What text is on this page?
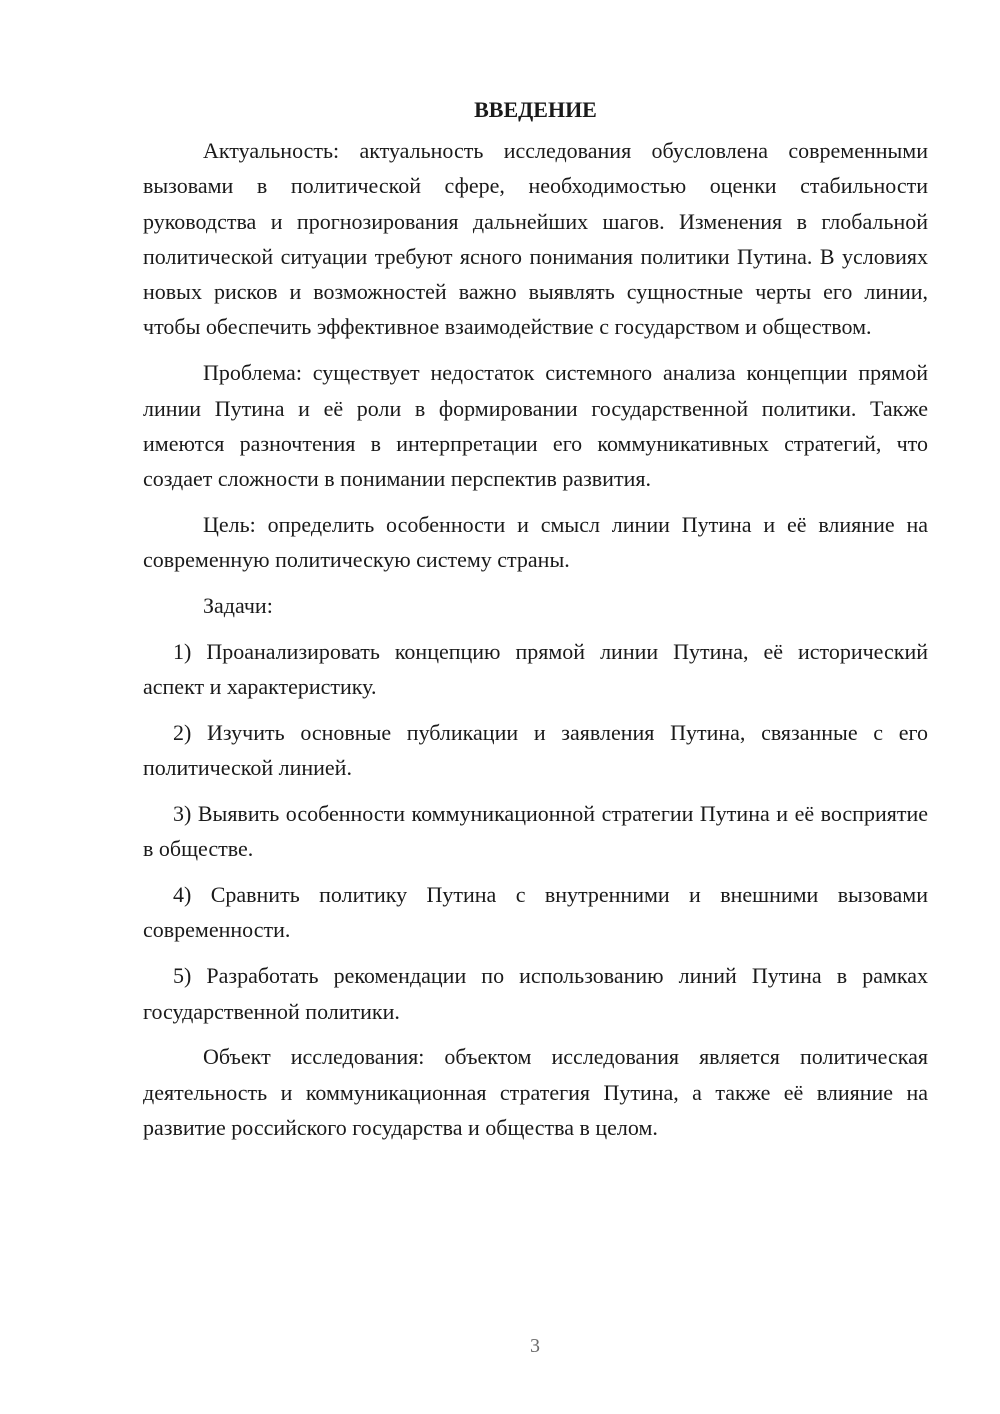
ВВЕДЕНИЕ

Актуальность: актуальность исследования обусловлена современными вызовами в политической сфере, необходимостью оценки стабильности руководства и прогнозирования дальнейших шагов. Изменения в глобальной политической ситуации требуют ясного понимания политики Путина. В условиях новых рисков и возможностей важно выявлять сущностные черты его линии, чтобы обеспечить эффективное взаимодействие с государством и обществом.

Проблема: существует недостаток системного анализа концепции прямой линии Путина и её роли в формировании государственной политики. Также имеются разночтения в интерпретации его коммуникативных стратегий, что создает сложности в понимании перспектив развития.

Цель: определить особенности и смысл линии Путина и её влияние на современную политическую систему страны.

Задачи:

1) Проанализировать концепцию прямой линии Путина, её исторический аспект и характеристику.

2) Изучить основные публикации и заявления Путина, связанные с его политической линией.

3) Выявить особенности коммуникационной стратегии Путина и её восприятие в обществе.

4) Сравнить политику Путина с внутренними и внешними вызовами современности.

5) Разработать рекомендации по использованию линий Путина в рамках государственной политики.

Объект исследования: объектом исследования является политическая деятельность и коммуникационная стратегия Путина, а также её влияние на развитие российского государства и общества в целом.

3
